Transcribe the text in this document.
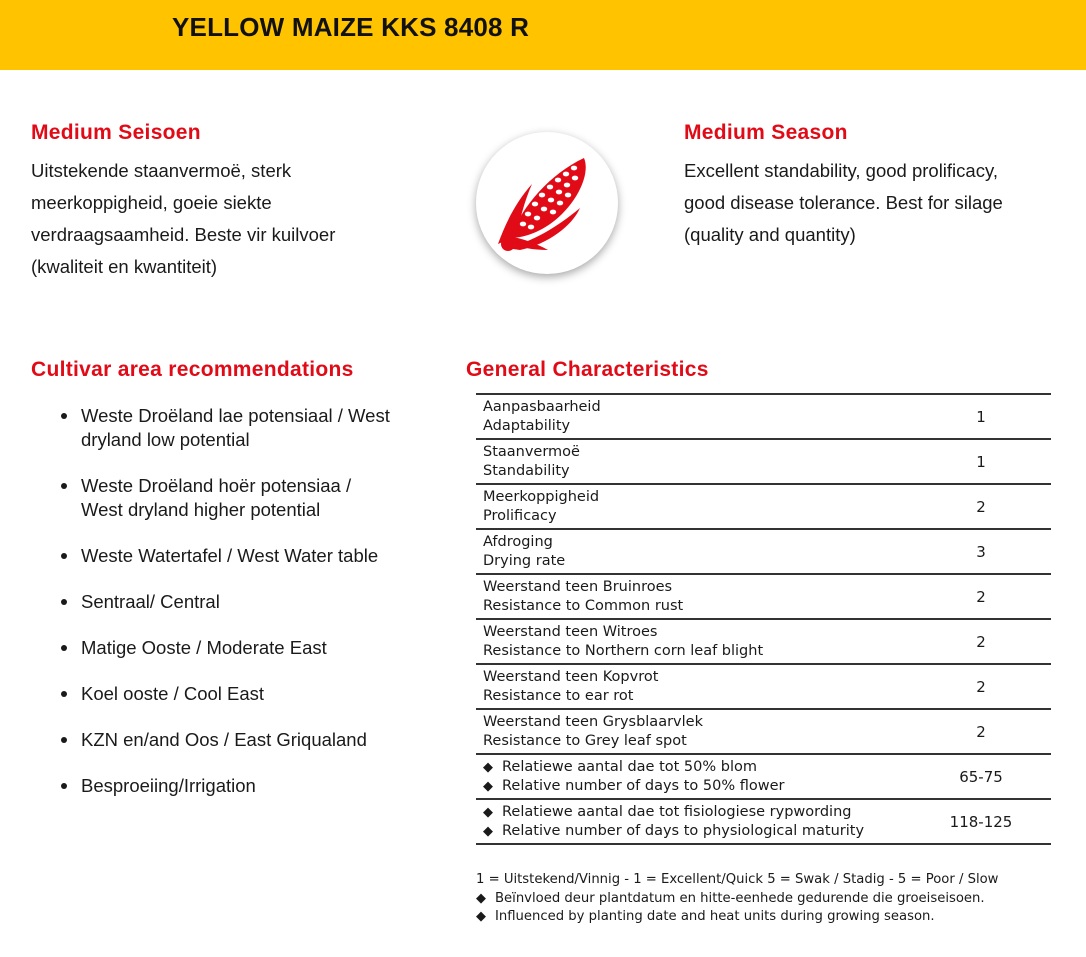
YELLOW MAIZE KKS 8408 R
Medium Seisoen
Uitstekende staanvermoë, sterk
meerkoppigheid, goeie siekte
verdraagsaamheid. Beste vir kuilvoer
(kwaliteit en kwantiteit)
Medium Season
Excellent standability, good prolificacy,
good disease tolerance. Best for silage
(quality and quantity)
Cultivar area recommendations
Weste Droëland lae potensiaal / West
dryland low potential
Weste Droëland hoër potensiaa /
West dryland higher potential
Weste Watertafel / West Water table
Sentraal/ Central
Matige Ooste / Moderate East
Koel ooste / Cool East
KZN en/and Oos / East Griqualand
Besproeiing/Irrigation
General Characteristics
Aanpasbaarheid
Adaptability	1

Staanvermoë
Standability	1

Meerkoppigheid
Prolificacy	2

Afdroging
Drying rate	3

Weerstand teen Bruinroes
Resistance to Common rust	2

Weerstand teen Witroes
Resistance to Northern corn leaf blight	2

Weerstand teen Kopvrot
Resistance to ear rot	2

Weerstand teen Grysblaarvlek
Resistance to Grey leaf spot	2

◆ Relatiewe aantal dae tot 50% blom
◆ Relative number of days to 50% flower	65-75

◆ Relatiewe aantal dae tot fisiologiese rypwording
◆ Relative number of days to physiological maturity	118-125
1 = Uitstekend/Vinnig - 1 = Excellent/Quick 5 = Swak / Stadig - 5 = Poor / Slow
◆ Beïnvloed deur plantdatum en hitte-eenhede gedurende die groeiseisoen.
◆ Influenced by planting date and heat units during growing season.
